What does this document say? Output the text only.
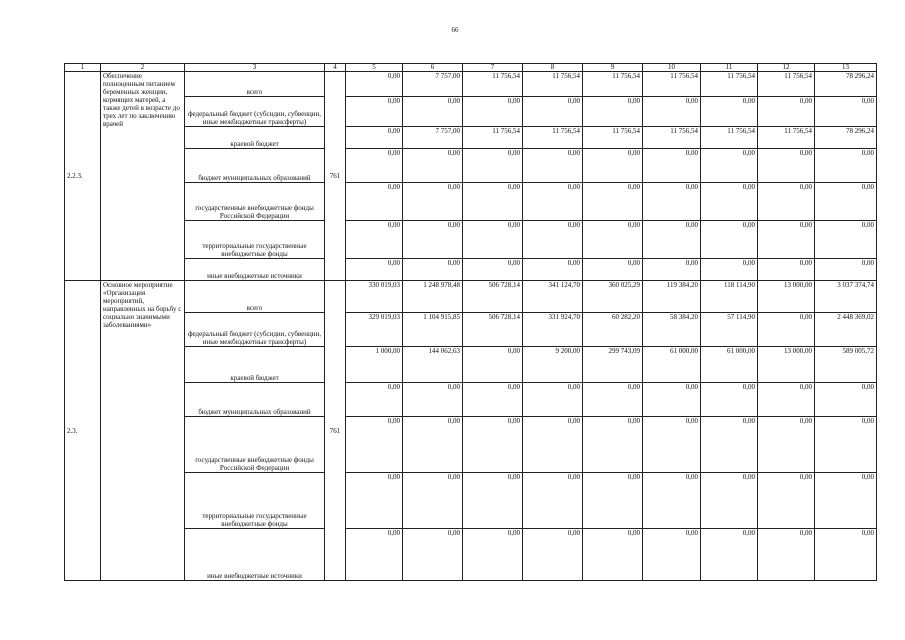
66
1	2	3	4	5	6	7	8	9	10	11	12	13
2.2.3.	Обеспечение полноценным питанием беременных женщин, кормящих матерей, а также детей в возрасте до трех лет по заключению врачей	всего	761	0,00	7 757,00	11 756,54	11 756,54	11 756,54	11 756,54	11 756,54	11 756,54	78 296,24
		федеральный бюджет (субсидии, субвенции, иные межбюджетные трансферты)		0,00	0,00	0,00	0,00	0,00	0,00	0,00	0,00	0,00
		краевой бюджет		0,00	7 757,00	11 756,54	11 756,54	11 756,54	11 756,54	11 756,54	11 756,54	78 296,24
		бюджет муниципальных образований		0,00	0,00	0,00	0,00	0,00	0,00	0,00	0,00	0,00
		государственные внебюджетные фонды Российской Федерации		0,00	0,00	0,00	0,00	0,00	0,00	0,00	0,00	0,00
		территориальные государственные внебюджетные фонды		0,00	0,00	0,00	0,00	0,00	0,00	0,00	0,00	0,00
		иные внебюджетные источники		0,00	0,00	0,00	0,00	0,00	0,00	0,00	0,00	0,00
2.3.	Основное мероприятие «Организация мероприятий, направленных на борьбу с социально значимыми заболеваниями»	всего	761	330 019,03	1 248 978,48	506 728,14	341 124,70	360 025,29	119 384,20	118 114,90	13 000,00	3 037 374,74
		федеральный бюджет (субсидии, субвенции, иные межбюджетные трансферты)		329 019,03	1 104 915,85	506 728,14	331 924,70	60 282,20	58 384,20	57 114,90	0,00	2 448 369,02
		краевой бюджет		1 000,00	144 062,63	0,00	9 200,00	299 743,09	61 000,00	61 000,00	13 000,00	589 005,72
		бюджет муниципальных образований		0,00	0,00	0,00	0,00	0,00	0,00	0,00	0,00	0,00
		государственные внебюджетные фонды Российской Федерации		0,00	0,00	0,00	0,00	0,00	0,00	0,00	0,00	0,00
		территориальные государственные внебюджетные фонды		0,00	0,00	0,00	0,00	0,00	0,00	0,00	0,00	0,00
		иные внебюджетные источники		0,00	0,00	0,00	0,00	0,00	0,00	0,00	0,00	0,00
